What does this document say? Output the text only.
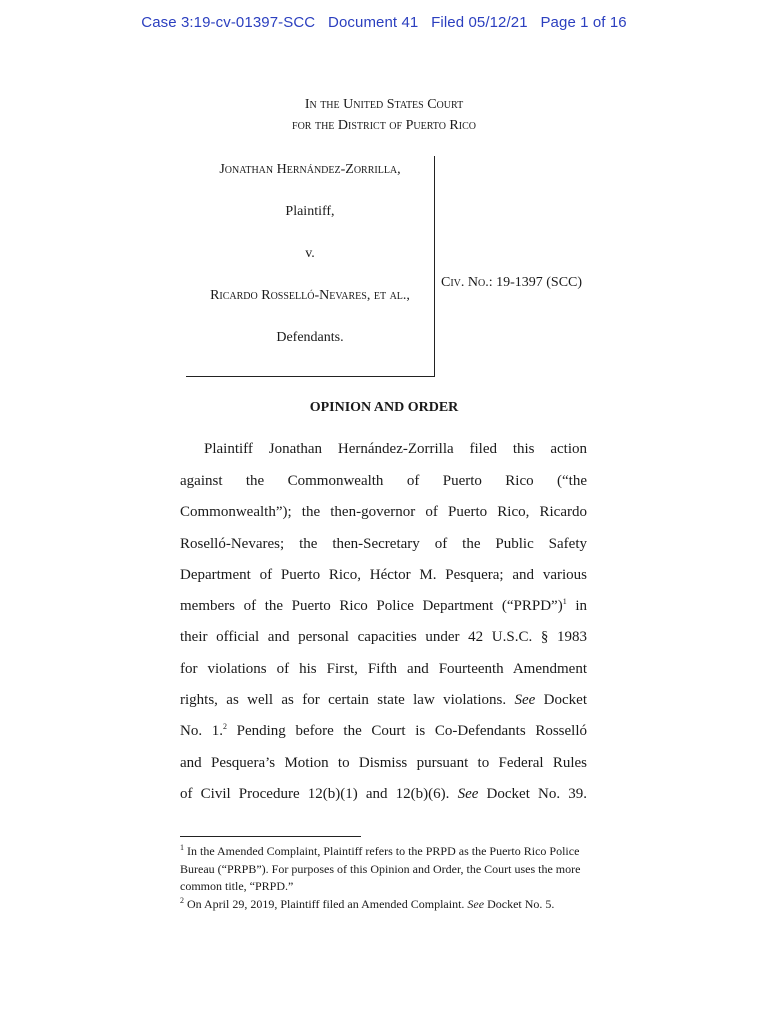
Case 3:19-cv-01397-SCC Document 41 Filed 05/12/21 Page 1 of 16
In the United States Court
for the District of Puerto Rico
Jonathan Hernández-Zorrilla,
Plaintiff,
v.
Ricardo Rosselló-Nevares, et al.,
Defendants.
Civ. No.: 19-1397 (SCC)
OPINION AND ORDER
Plaintiff Jonathan Hernández-Zorrilla filed this action
against the Commonwealth of Puerto Rico (“the
Commonwealth”); the then-governor of Puerto Rico, Ricardo
Roselló-Nevares; the then-Secretary of the Public Safety
Department of Puerto Rico, Héctor M. Pesquera; and various
members of the Puerto Rico Police Department (“PRPD”)$^1$ in
their official and personal capacities under 42 U.S.C. § 1983
for violations of his First, Fifth and Fourteenth Amendment
rights, as well as for certain state law violations. See Docket
No. 1.$^2$ Pending before the Court is Co-Defendants Rosselló
and Pesquera’s Motion to Dismiss pursuant to Federal Rules
of Civil Procedure 12(b)(1) and 12(b)(6). See Docket No. 39.
$^1$ In the Amended Complaint, Plaintiff refers to the PRPD as the Puerto Rico Police Bureau (“PRPB”). For purposes of this Opinion and Order, the Court uses the more common title, “PRPD.”
$^2$ On April 29, 2019, Plaintiff filed an Amended Complaint. See Docket No. 5.
